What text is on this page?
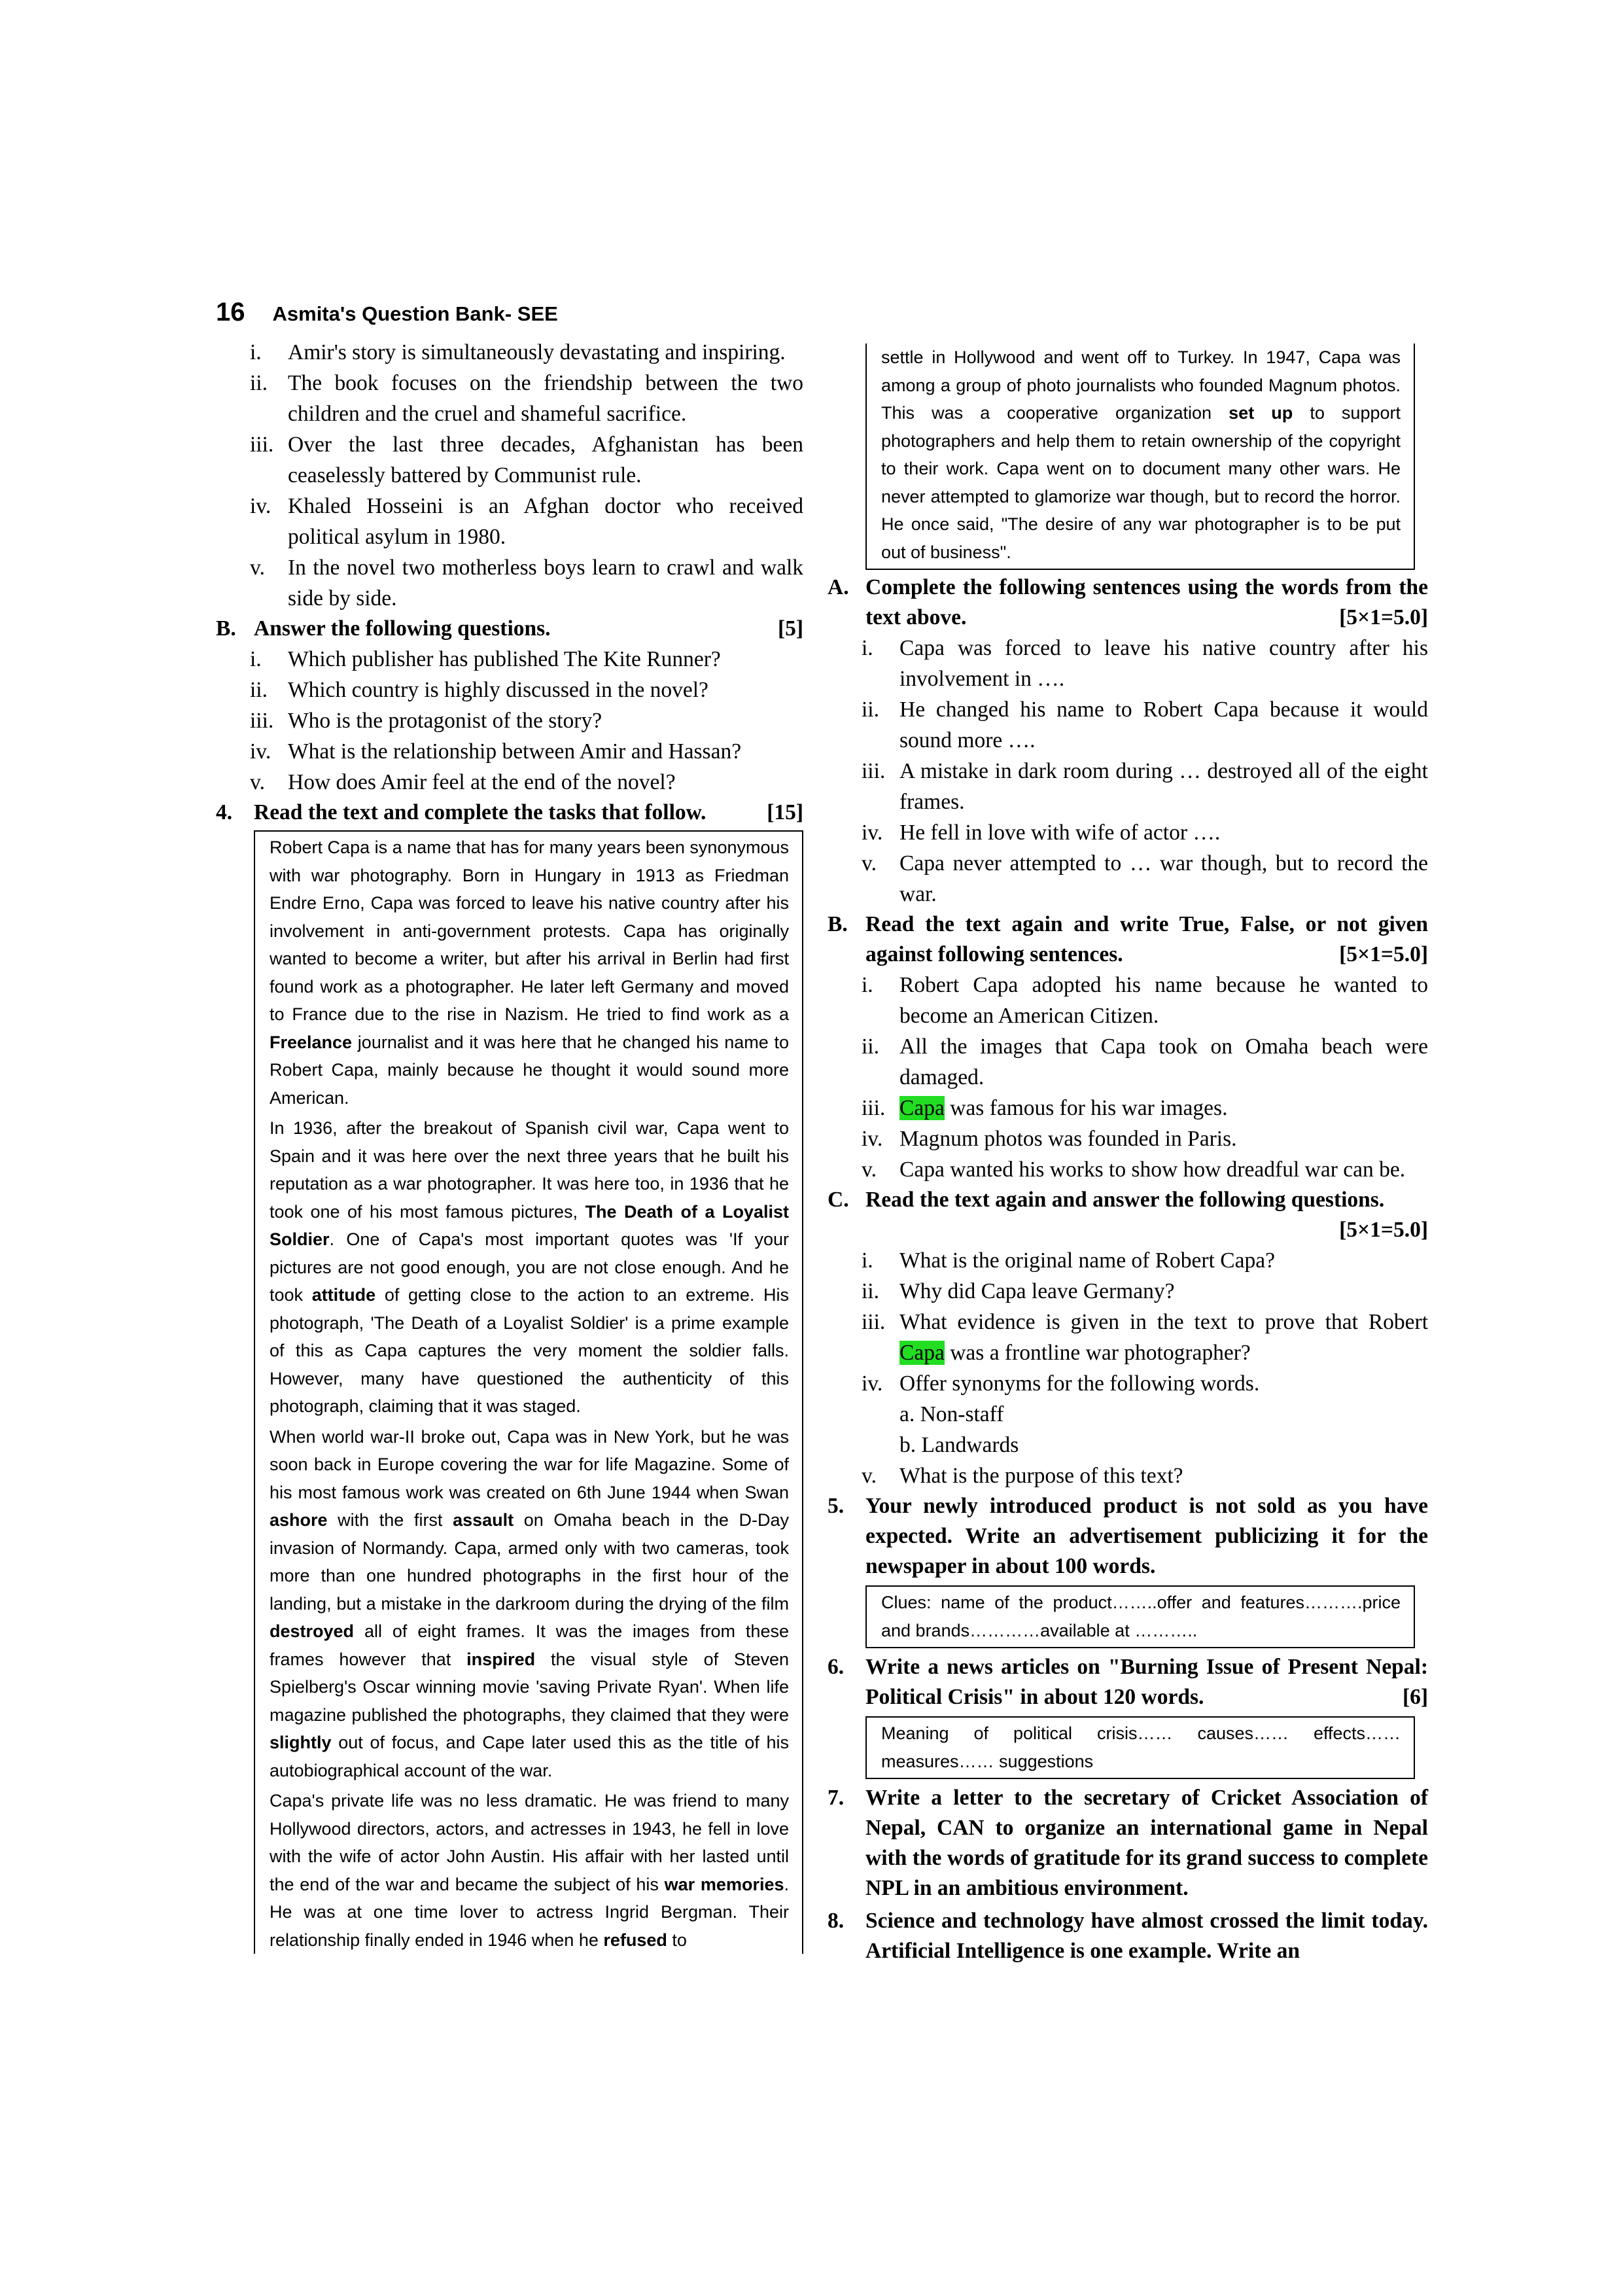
16 Asmita's Question Bank- SEE
i.	Amir's story is simultaneously devastating and inspiring.
ii. The book focuses on the friendship between the two children and the cruel and shameful sacrifice.
iii. Over the last three decades, Afghanistan has been ceaselessly battered by Communist rule.
iv. Khaled Hosseini is an Afghan doctor who received political asylum in 1980.
v.	In the novel two motherless boys learn to crawl and walk side by side.
B. Answer the following questions.	[5]
i.	Which publisher has published The Kite Runner?
ii. Which country is highly discussed in the novel?
iii. Who is the protagonist of the story?
iv. What is the relationship between Amir and Hassan?
v.	How does Amir feel at the end of the novel?
4. Read the text and complete the tasks that follow.	[15]

Robert Capa is a name that has for many years been synonymous with war photography. Born in Hungary in 1913 as Friedman Endre Erno, Capa was forced to leave his native country after his involvement in anti-government protests. Capa has originally wanted to become a writer, but after his arrival in Berlin had first found work as a photographer. He later left Germany and moved to France due to the rise in Nazism. He tried to find work as a Freelance journalist and it was here that he changed his name to Robert Capa, mainly because he thought it would sound more American.

In 1936, after the breakout of Spanish civil war, Capa went to Spain and it was here over the next three years that he built his reputation as a war photographer. It was here too, in 1936 that he took one of his most famous pictures, The Death of a Loyalist Soldier. One of Capa's most important quotes was 'If your pictures are not good enough, you are not close enough. And he took attitude of getting close to the action to an extreme. His photograph, 'The Death of a Loyalist Soldier' is a prime example of this as Capa captures the very moment the soldier falls. However, many have questioned the authenticity of this photograph, claiming that it was staged.

When world war-II broke out, Capa was in New York, but he was soon back in Europe covering the war for life Magazine. Some of his most famous work was created on 6th June 1944 when Swan ashore with the first assault on Omaha beach in the D-Day invasion of Normandy. Capa, armed only with two cameras, took more than one hundred photographs in the first hour of the landing, but a mistake in the darkroom during the drying of the film destroyed all of eight frames. It was the images from these frames however that inspired the visual style of Steven Spielberg's Oscar winning movie 'saving Private Ryan'. When life magazine published the photographs, they claimed that they were slightly out of focus, and Cape later used this as the title of his autobiographical account of the war.

Capa's private life was no less dramatic. He was friend to many Hollywood directors, actors, and actresses in 1943, he fell in love with the wife of actor John Austin. His affair with her lasted until the end of the war and became the subject of his war memories. He was at one time lover to actress Ingrid Bergman. Their relationship finally ended in 1946 when he refused to

settle in Hollywood and went off to Turkey. In 1947, Capa was among a group of photo journalists who founded Magnum photos. This was a cooperative organization set up to support photographers and help them to retain ownership of the copyright to their work. Capa went on to document many other wars. He never attempted to glamorize war though, but to record the horror. He once said, "The desire of any war photographer is to be put out of business".

A. Complete the following sentences using the words from the text above.	[5×1=5.0]
i.	Capa was forced to leave his native country after his involvement in ….
ii. He changed his name to Robert Capa because it would sound more ….
iii. A mistake in dark room during … destroyed all of the eight frames.
iv. He fell in love with wife of actor ….
v.	Capa never attempted to … war though, but to record the war.
B. Read the text again and write True, False, or not given against following sentences.	[5×1=5.0]
i.	Robert Capa adopted his name because he wanted to become an American Citizen.
ii. All the images that Capa took on Omaha beach were damaged.
iii. Capa was famous for his war images.
iv. Magnum photos was founded in Paris.
v.	Capa wanted his works to show how dreadful war can be.
C. Read the text again and answer the following questions.
[5×1=5.0]
i.	What is the original name of Robert Capa?
ii. Why did Capa leave Germany?
iii. What evidence is given in the text to prove that Robert Capa was a frontline war photographer?
iv. Offer synonyms for the following words.
a. Non-staff
b. Landwards
v.	What is the purpose of this text?
5. Your newly introduced product is not sold as you have expected. Write an advertisement publicizing it for the newspaper in about 100 words.
Clues: name of the product……..offer and features……….price and brands…………available at ………..
6. Write a news articles on "Burning Issue of Present Nepal: Political Crisis" in about 120 words.	[6]
Meaning of political crisis…… causes…… effects…… measures…… suggestions
7. Write a letter to the secretary of Cricket Association of Nepal, CAN to organize an international game in Nepal with the words of gratitude for its grand success to complete NPL in an ambitious environment.
8. Science and technology have almost crossed the limit today. Artificial Intelligence is one example. Write an
